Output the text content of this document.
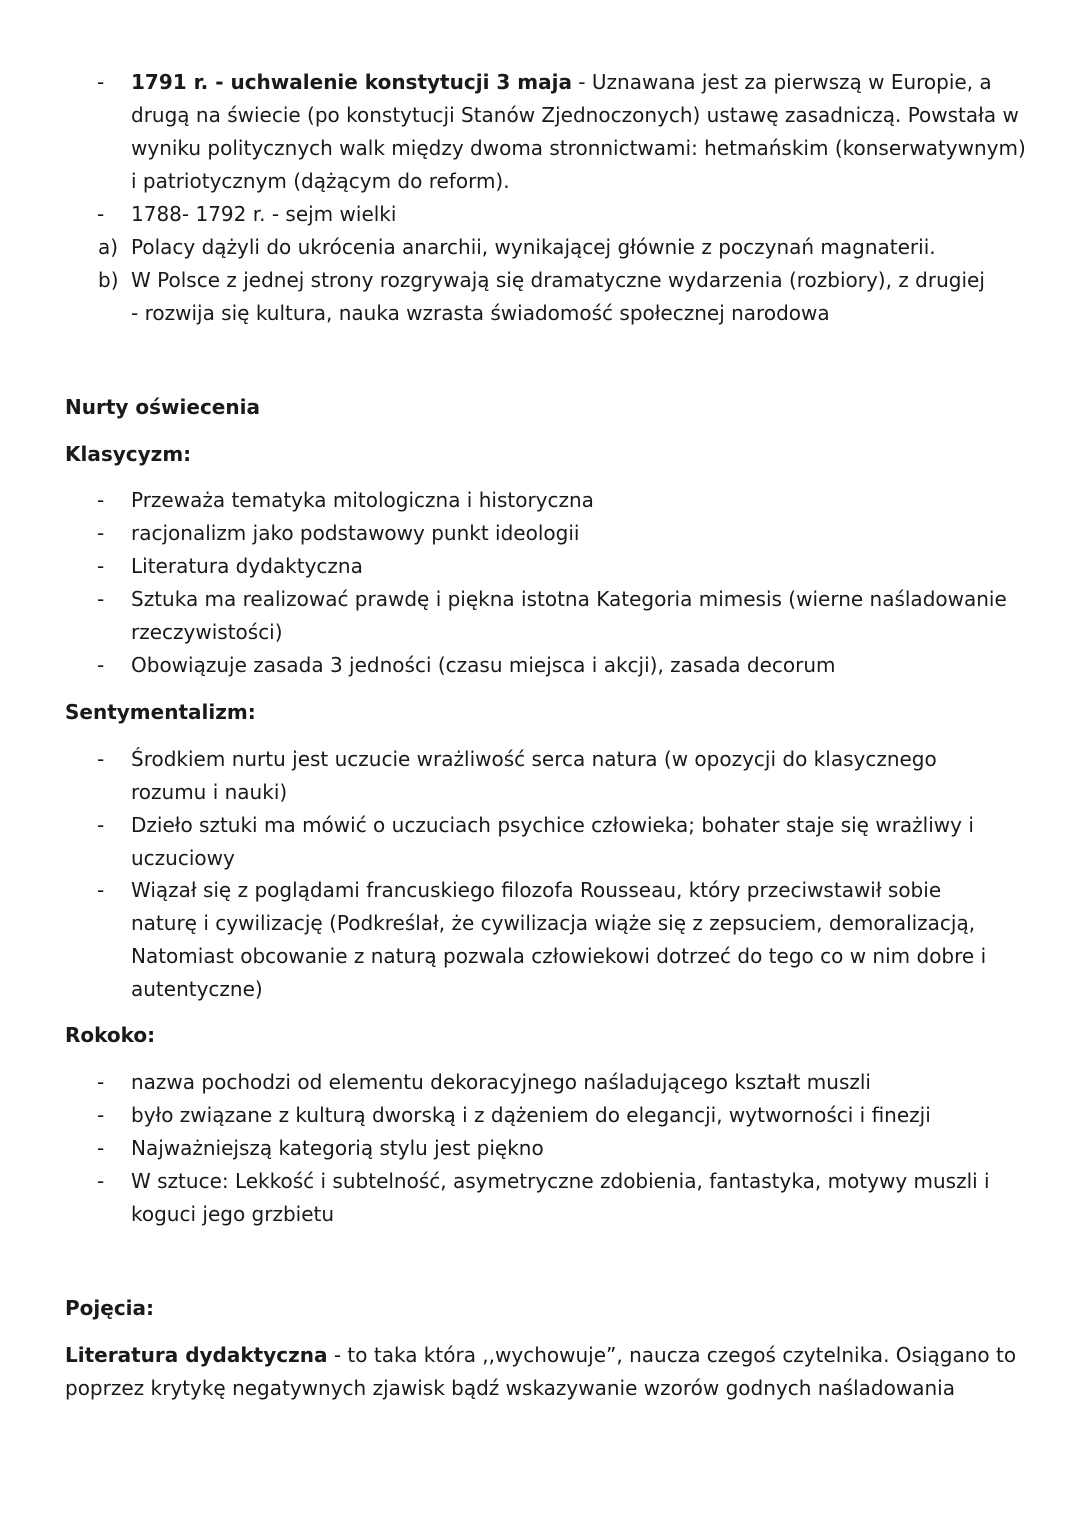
-	1791 r. - uchwalenie konstytucji 3 maja - Uznawana jest za pierwszą w Europie, a
drugą na świecie (po konstytucji Stanów Zjednoczonych) ustawę zasadniczą. Powstała w
wyniku politycznych walk między dwoma stronnictwami: hetmańskim (konserwatywnym)
i patriotycznym (dążącym do reform).
-	1788- 1792 r. - sejm wielki
a) Polacy dążyli do ukrócenia anarchii, wynikającej głównie z poczynań magnaterii.
b) W Polsce z jednej strony rozgrywają się dramatyczne wydarzenia (rozbiory), z drugiej
- rozwija się kultura, nauka wzrasta świadomość społecznej narodowa
Nurty oświecenia
Klasycyzm:
-	Przeważa tematyka mitologiczna i historyczna
-	racjonalizm jako podstawowy punkt ideologii
-	Literatura dydaktyczna
-	Sztuka ma realizować prawdę i piękna istotna Kategoria mimesis (wierne naśladowanie
rzeczywistości)
-	Obowiązuje zasada 3 jedności (czasu miejsca i akcji), zasada decorum
Sentymentalizm:
-	Środkiem nurtu jest uczucie wrażliwość serca natura (w opozycji do klasycznego
rozumu i nauki)
-	Dzieło sztuki ma mówić o uczuciach psychice człowieka; bohater staje się wrażliwy i
uczuciowy
-	Wiązał się z poglądami francuskiego filozofa Rousseau, który przeciwstawił sobie
naturę i cywilizację (Podkreślał, że cywilizacja wiąże się z zepsuciem, demoralizacją,
Natomiast obcowanie z naturą pozwala człowiekowi dotrzeć do tego co w nim dobre i
autentyczne)
Rokoko:
-	nazwa pochodzi od elementu dekoracyjnego naśladującego kształt muszli
-	było związane z kulturą dworską i z dążeniem do elegancji, wytworności i finezji
-	Najważniejszą kategorią stylu jest piękno
-	W sztuce: Lekkość i subtelność, asymetryczne zdobienia, fantastyka, motywy muszli i
koguci jego grzbietu
Pojęcia:
Literatura dydaktyczna - to taka która ,,wychowuje”, naucza czegoś czytelnika. Osiągano to
poprzez krytykę negatywnych zjawisk bądź wskazywanie wzorów godnych naśladowania
